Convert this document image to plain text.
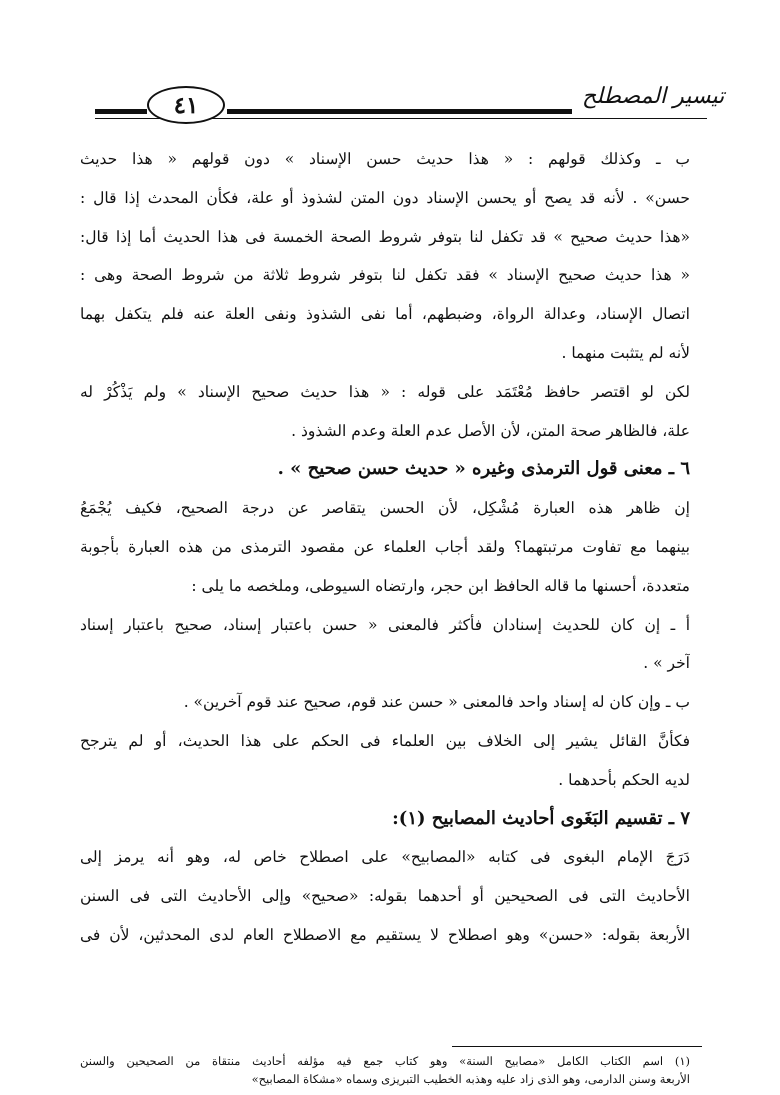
٤١	تيسير المصطلح
ب ـ وكذلك قولهم : « هذا حديث حسن الإسناد » دون قولهم « هذا حديث
حسن» . لأنه قد يصح أو يحسن الإسناد دون المتن لشذوذ أو علة، فكأن المحدث إذا قال :
«هذا حديث صحيح » قد تكفل لنا بتوفر شروط الصحة الخمسة فى هذا الحديث أما إذا قال:
« هذا حديث صحيح الإسناد » فقد تكفل لنا بتوفر شروط ثلاثة من شروط الصحة وهى :
اتصال الإسناد، وعدالة الرواة، وضبطهم، أما نفى الشذوذ ونفى العلة عنه فلم يتكفل بهما
لأنه لم يتثبت منهما .
لكن لو اقتصر حافظ مُعْتَمَد على قوله : « هذا حديث صحيح الإسناد » ولم يَذْكُرْ له
علة، فالظاهر صحة المتن، لأن الأصل عدم العلة وعدم الشذوذ .
٦ ـ معنى قول الترمذى وغيره « حديث حسن صحيح » .
إن ظاهر هذه العبارة مُشْكِل، لأن الحسن يتقاصر عن درجة الصحيح، فكيف يُجْمَعُ
بينهما مع تفاوت مرتبتهما؟ ولقد أجاب العلماء عن مقصود الترمذى من هذه العبارة بأجوبة
متعددة، أحسنها ما قاله الحافظ ابن حجر، وارتضاه السيوطى، وملخصه ما يلى :
أ ـ إن كان للحديث إسنادان فأكثر فالمعنى « حسن باعتبار إسناد، صحيح باعتبار إسناد
آخر » .
ب ـ وإن كان له إسناد واحد فالمعنى « حسن عند قوم، صحيح عند قوم آخرين» .
فكأنَّ القائل يشير إلى الخلاف بين العلماء فى الحكم على هذا الحديث، أو لم يترجح
لديه الحكم بأحدهما .
٧ ـ تقسيم البَغَوى أحاديث المصابيح (١):
دَرَجَ الإمام البغوى فى كتابه «المصابيح» على اصطلاح خاص له، وهو أنه يرمز إلى
الأحاديث التى فى الصحيحين أو أحدهما بقوله: «صحيح» وإلى الأحاديث التى فى السنن
الأربعة بقوله: «حسن» وهو اصطلاح لا يستقيم مع الاصطلاح العام لدى المحدثين، لأن فى
(١) اسم الكتاب الكامل «مصابيح السنة» وهو كتاب جمع فيه مؤلفه أحاديث منتقاة من الصحيحين والسنن
الأربعة وسنن الدارمى، وهو الذى زاد عليه وهذبه الخطيب التبريزى وسماه «مشكاة المصابيح»
